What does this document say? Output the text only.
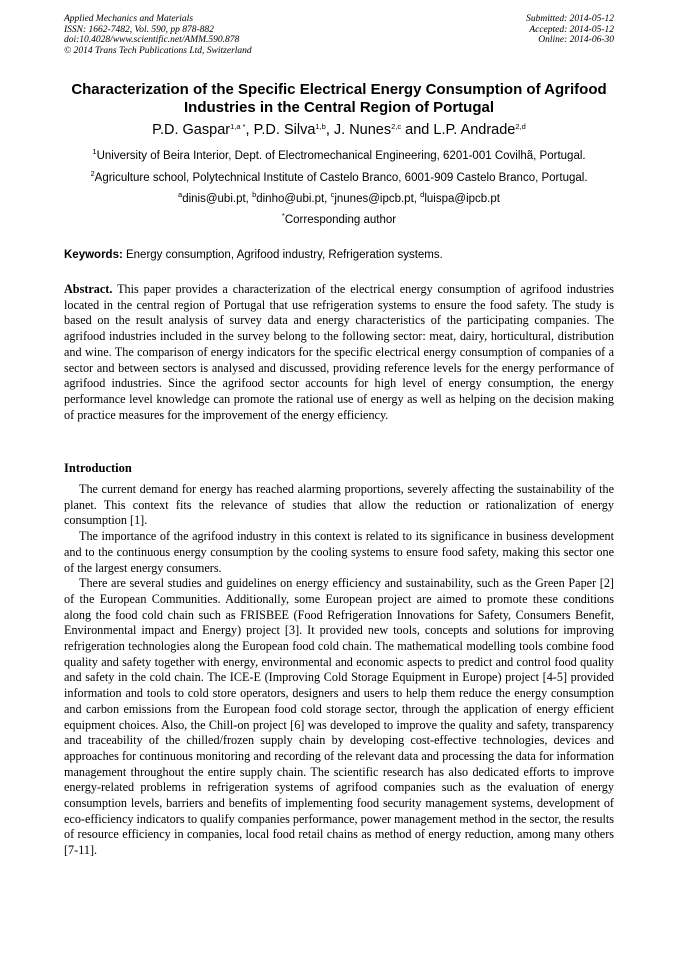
Applied Mechanics and Materials
ISSN: 1662-7482, Vol. 590, pp 878-882
doi:10.4028/www.scientific.net/AMM.590.878
© 2014 Trans Tech Publications Ltd, Switzerland
Submitted: 2014-05-12
Accepted: 2014-05-12
Online: 2014-06-30
Characterization of the Specific Electrical Energy Consumption of Agrifood Industries in the Central Region of Portugal
P.D. Gaspar$^{1,a *}$, P.D. Silva$^{1,b}$, J. Nunes$^{2,c}$ and L.P. Andrade$^{2,d}$
$^1$University of Beira Interior, Dept. of Electromechanical Engineering, 6201-001 Covilhã, Portugal.
$^2$Agriculture school, Polytechnical Institute of Castelo Branco, 6001-909 Castelo Branco, Portugal.
$^a$dinis@ubi.pt, $^b$dinho@ubi.pt, $^c$jnunes@ipcb.pt, $^d$luispa@ipcb.pt
*Corresponding author
Keywords: Energy consumption, Agrifood industry, Refrigeration systems.
Abstract. This paper provides a characterization of the electrical energy consumption of agrifood industries located in the central region of Portugal that use refrigeration systems to ensure the food safety. The study is based on the result analysis of survey data and energy characteristics of the participating companies. The agrifood industries included in the survey belong to the following sector: meat, dairy, horticultural, distribution and wine. The comparison of energy indicators for the specific electrical energy consumption of companies of a sector and between sectors is analysed and discussed, providing reference levels for the energy performance of agrifood industries. Since the agrifood sector accounts for high level of energy consumption, the energy performance level knowledge can promote the rational use of energy as well as helping on the decision making of practice measures for the improvement of the energy efficiency.
Introduction

The current demand for energy has reached alarming proportions, severely affecting the sustainability of the planet. This context fits the relevance of studies that allow the reduction or rationalization of energy consumption [1].

The importance of the agrifood industry in this context is related to its significance in business development and to the continuous energy consumption by the cooling systems to ensure food safety, making this sector one of the largest energy consumers.

There are several studies and guidelines on energy efficiency and sustainability, such as the Green Paper [2] of the European Communities. Additionally, some European project are aimed to promote these conditions along the food cold chain such as FRISBEE (Food Refrigeration Innovations for Safety, Consumers Benefit, Environmental impact and Energy) project [3]. It provided new tools, concepts and solutions for improving refrigeration technologies along the European food cold chain. The mathematical modelling tools combine food quality and safety together with energy, environmental and economic aspects to predict and control food quality and safety in the cold chain. The ICE-E (Improving Cold Storage Equipment in Europe) project [4-5] provided information and tools to cold store operators, designers and users to help them reduce the energy consumption and carbon emissions from the European food cold storage sector, through the application of energy efficient equipment choices. Also, the Chill-on project [6] was developed to improve the quality and safety, transparency and traceability of the chilled/frozen supply chain by developing cost-effective technologies, devices and approaches for continuous monitoring and recording of the relevant data and processing the data for information management throughout the entire supply chain. The scientific research has also dedicated efforts to improve energy-related problems in refrigeration systems of agrifood companies such as the evaluation of energy consumption levels, barriers and benefits of implementing food security management systems, development of eco-efficiency indicators to qualify companies performance, power management method in the sector, the results of resource efficiency in companies, local food retail chains as method of energy reduction, among many others [7-11].
